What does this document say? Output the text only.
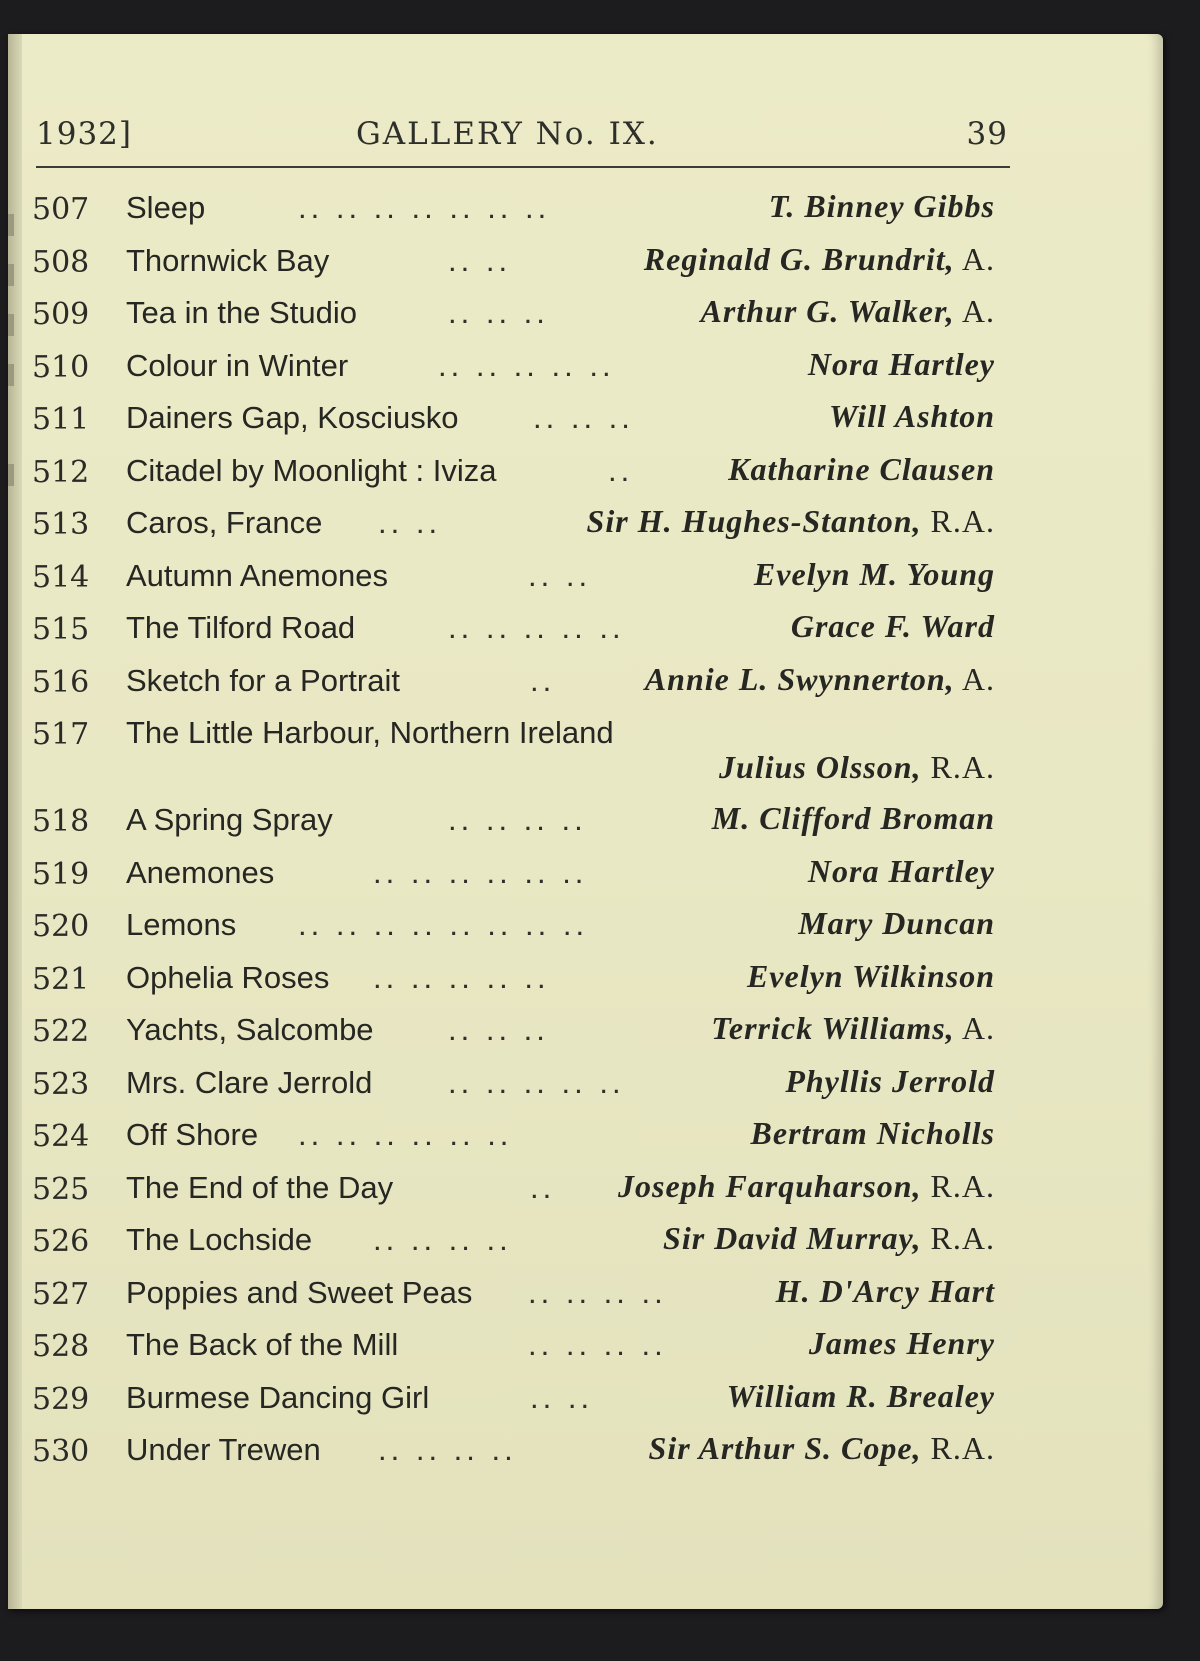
1932]	GALLERY No. IX.	39
507 Sleep	.. .. .. .. .. .. ..	T. Binney Gibbs
508 Thornwick Bay	.. ..	Reginald G. Brundrit, A.
509 Tea in the Studio	.. .. ..	Arthur G. Walker, A.
510 Colour in Winter	.. .. .. .. ..	Nora Hartley
511 Dainers Gap, Kosciusko .. .. ..	Will Ashton
512 Citadel by Moonlight : Iviza	..	Katharine Clausen
513 Caros, France .. ..	Sir H. Hughes-Stanton, R.A.
514 Autumn Anemones	.. ..	Evelyn M. Young
515 The Tilford Road	.. .. .. .. ..	Grace F. Ward
516 Sketch for a Portrait	..	Annie L. Swynnerton, A.
517 The Little Harbour, Northern Ireland
Julius Olsson, R.A.
518 A Spring Spray	.. .. .. ..	M. Clifford Broman
519 Anemones	.. .. .. .. .. ..	Nora Hartley
520 Lemons .. .. .. .. .. .. .. ..	Mary Duncan
521 Ophelia Roses .. .. .. .. ..	Evelyn Wilkinson
522 Yachts, Salcombe .. .. ..	Terrick Williams, A.
523 Mrs. Clare Jerrold .. .. .. .. ..	Phyllis Jerrold
524 Off Shore .. .. .. .. .. ..	Bertram Nicholls
525 The End of the Day	.. Joseph Farquharson, R.A.
526 The Lochside .. .. .. ..	Sir David Murray, R.A.
527 Poppies and Sweet Peas .. .. .. ..	H. D'Arcy Hart
528 The Back of the Mill	.. .. .. ..	James Henry
529 Burmese Dancing Girl	.. ..	William R. Brealey
530 Under Trewen .. .. .. ..	Sir Arthur S. Cope, R.A.
